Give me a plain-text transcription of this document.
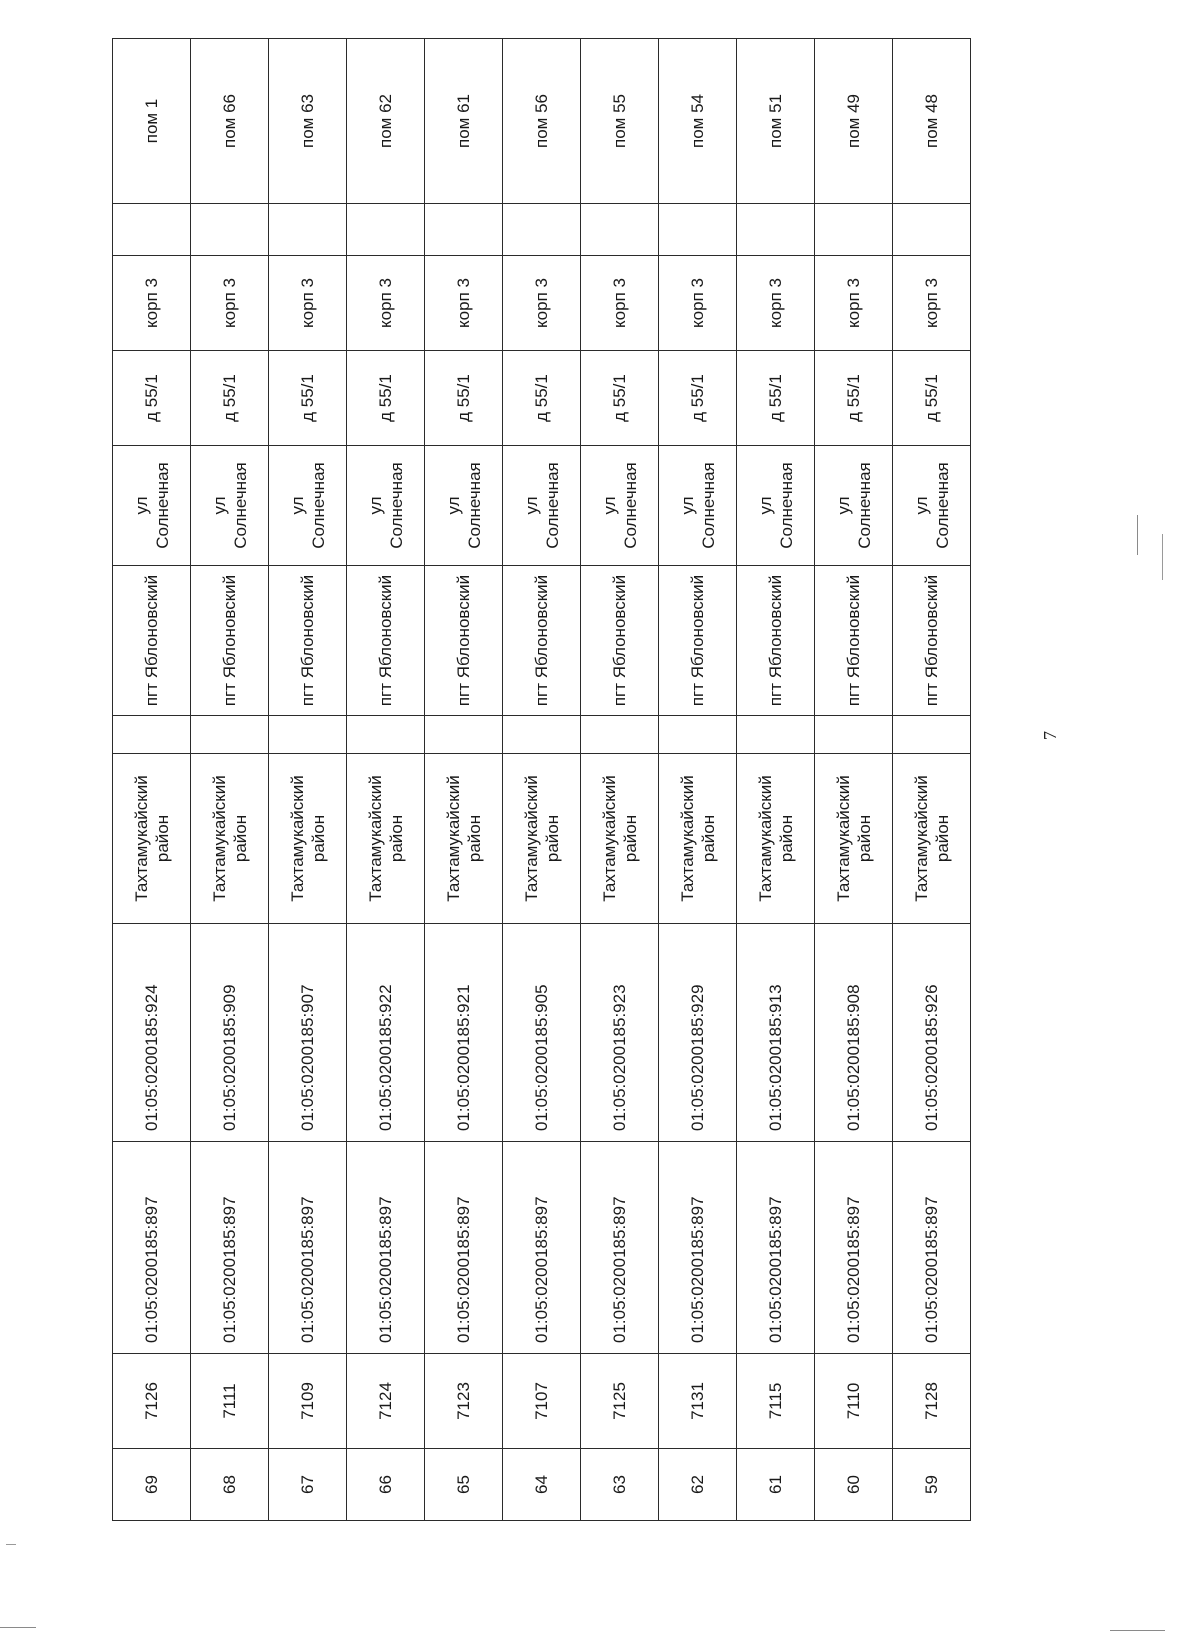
69	7126	01:05:0200185:897	01:05:0200185:924	Тахтамукайский район		пгт Яблоновский	ул Солнечная	д 55/1	корп 3		пом 1
68	7111	01:05:0200185:897	01:05:0200185:909	Тахтамукайский район		пгт Яблоновский	ул Солнечная	д 55/1	корп 3		пом 66
67	7109	01:05:0200185:897	01:05:0200185:907	Тахтамукайский район		пгт Яблоновский	ул Солнечная	д 55/1	корп 3		пом 63
66	7124	01:05:0200185:897	01:05:0200185:922	Тахтамукайский район		пгт Яблоновский	ул Солнечная	д 55/1	корп 3		пом 62
65	7123	01:05:0200185:897	01:05:0200185:921	Тахтамукайский район		пгт Яблоновский	ул Солнечная	д 55/1	корп 3		пом 61
64	7107	01:05:0200185:897	01:05:0200185:905	Тахтамукайский район		пгт Яблоновский	ул Солнечная	д 55/1	корп 3		пом 56
63	7125	01:05:0200185:897	01:05:0200185:923	Тахтамукайский район		пгт Яблоновский	ул Солнечная	д 55/1	корп 3		пом 55
62	7131	01:05:0200185:897	01:05:0200185:929	Тахтамукайский район		пгт Яблоновский	ул Солнечная	д 55/1	корп 3		пом 54
61	7115	01:05:0200185:897	01:05:0200185:913	Тахтамукайский район		пгт Яблоновский	ул Солнечная	д 55/1	корп 3		пом 51
60	7110	01:05:0200185:897	01:05:0200185:908	Тахтамукайский район		пгт Яблоновский	ул Солнечная	д 55/1	корп 3		пом 49
59	7128	01:05:0200185:897	01:05:0200185:926	Тахтамукайский район		пгт Яблоновский	ул Солнечная	д 55/1	корп 3		пом 48
7
